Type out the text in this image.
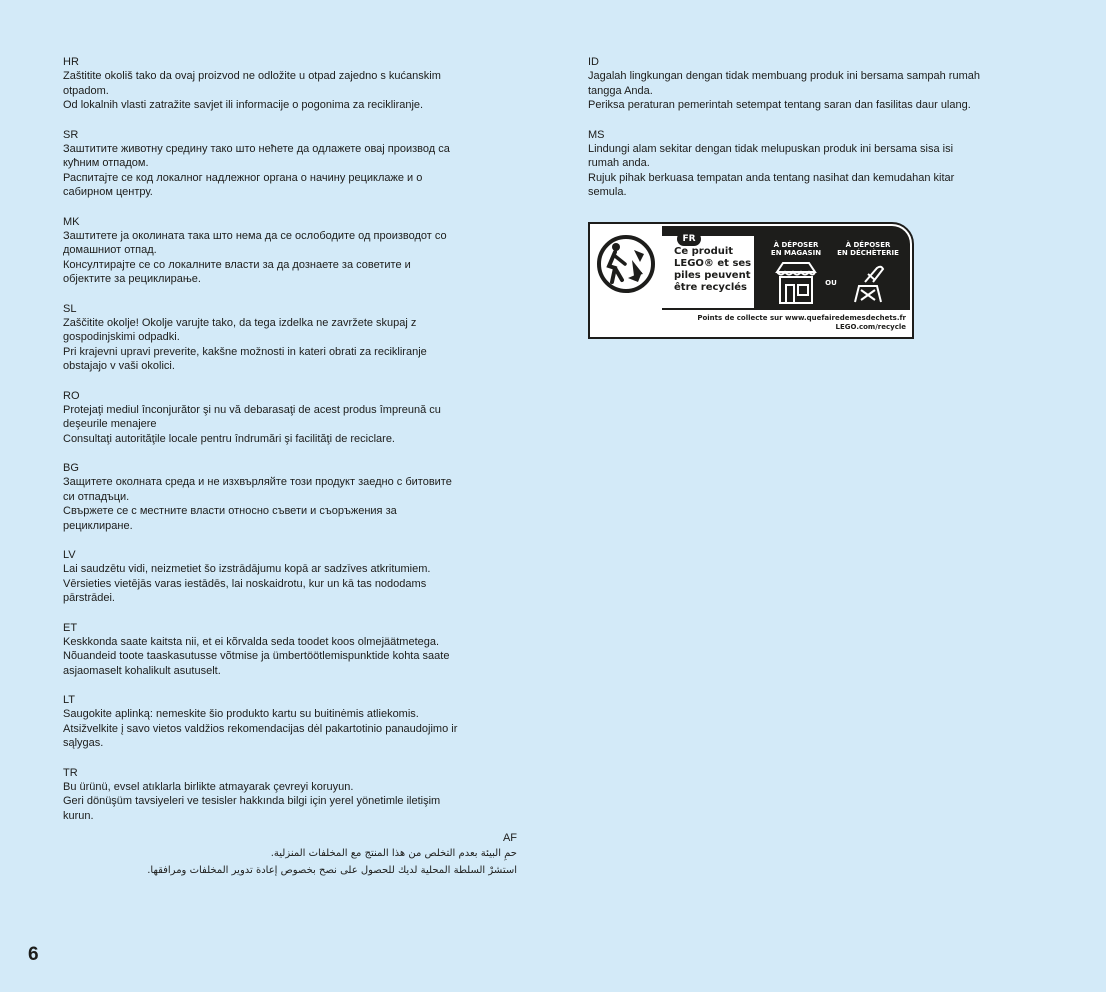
HR
Zaštitite okoliš tako da ovaj proizvod ne odložite u otpad zajedno s kućanskim
otpadom.
Od lokalnih vlasti zatražite savjet ili informacije o pogonima za recikliranje.
SR
Заштитите животну средину тако што нећете да одлажете овај производ са
кућним отпадом.
Распитајте се код локалног надлежног органа о начину рециклаже и о
сабирном центру.
MK
Заштитете ја околината така што нема да се ослободите од производот со
домашниот отпад.
Консултирајте се со локалните власти за да дознаете за советите и
објектите за рециклирање.
SL
Zaščitite okolje! Okolje varujte tako, da tega izdelka ne zavržete skupaj z
gospodinjskimi odpadki.
Pri krajevni upravi preverite, kakšne možnosti in kateri obrati za recikliranje
obstajajo v vaši okolici.
RO
Protejaţi mediul înconjurător şi nu vă debarasaţi de acest produs împreună cu
deşeurile menajere
Consultaţi autorităţile locale pentru îndrumări şi facilităţi de reciclare.
BG
Защитете околната среда и не изхвърляйте този продукт заедно с битовите
си отпадъци.
Свържете се с местните власти относно съвети и съоръжения за
рециклиране.
LV
Lai saudzētu vidi, neizmetiet šo izstrādājumu kopā ar sadzīves atkritumiem.
Vērsieties vietējās varas iestādēs, lai noskaidrotu, kur un kā tas nododams
pārstrādei.
ET
Keskkonda saate kaitsta nii, et ei kõrvalda seda toodet koos olmejäätmetega.
Nõuandeid toote taaskasutusse võtmise ja ümbertöötlemispunktide kohta saate
asjaomaselt kohalikult asutuselt.
LT
Saugokite aplinką: nemeskite šio produkto kartu su buitinėmis atliekomis.
Atsižvelkite į savo vietos valdžios rekomendacijas dėl pakartotinio panaudojimo ir
sąlygas.
TR
Bu ürünü, evsel atıklarla birlikte atmayarak çevreyi koruyun.
Geri dönüşüm tavsiyeleri ve tesisler hakkında bilgi için yerel yönetimle iletişim
kurun.
AF
حمِ البيئة بعدم التخلص من هذا المنتج مع المخلفات المنزلية.
استشرْ السلطة المحلية لديك للحصول على نصح بخصوص إعادة تدوير المخلفات ومرافقها.
ID
Jagalah lingkungan dengan tidak membuang produk ini bersama sampah rumah
tangga Anda.
Periksa peraturan pemerintah setempat tentang saran dan fasilitas daur ulang.
MS
Lindungi alam sekitar dengan tidak melupuskan produk ini bersama sisa isi
rumah anda.
Rujuk pihak berkuasa tempatan anda tentang nasihat dan kemudahan kitar
semula.
FR
Ce produit
LEGO® et ses
piles peuvent
être recyclés
À DÉPOSER
EN MAGASIN
À DÉPOSER
EN DÉCHÈTERIE
OU
Points de collecte sur www.quefairedemesdechets.fr
LEGO.com/recycle
6
